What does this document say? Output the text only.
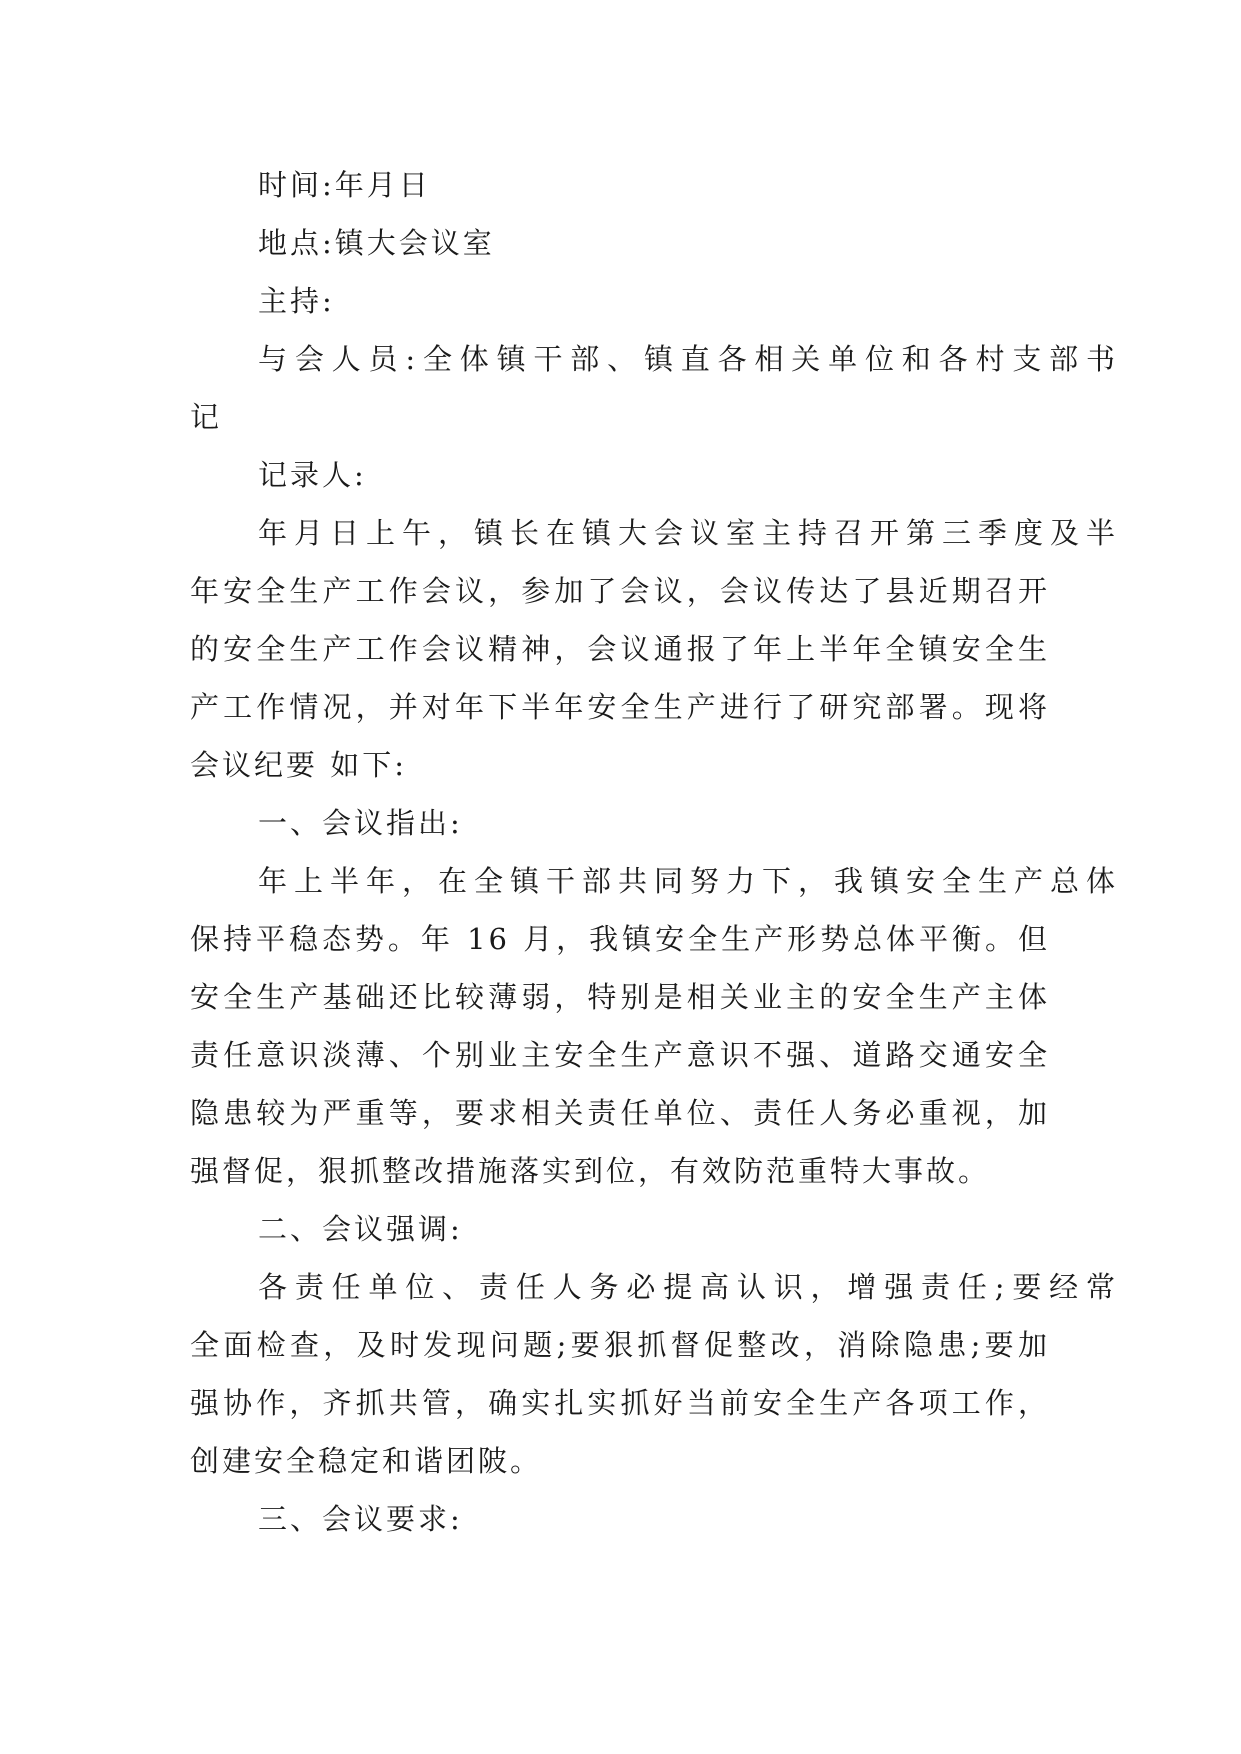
时间:年月日
地点:镇大会议室
主持:
与会人员:全体镇干部、镇直各相关单位和各村支部书
记
记录人:
年月日上午，镇长在镇大会议室主持召开第三季度及半
年安全生产工作会议，参加了会议，会议传达了县近期召开
的安全生产工作会议精神，会议通报了年上半年全镇安全生
产工作情况，并对年下半年安全生产进行了研究部署。现将
会议纪要 如下:
一、会议指出:
年上半年，在全镇干部共同努力下，我镇安全生产总体
保持平稳态势。年 16 月，我镇安全生产形势总体平衡。但
安全生产基础还比较薄弱，特别是相关业主的安全生产主体
责任意识淡薄、个别业主安全生产意识不强、道路交通安全
隐患较为严重等，要求相关责任单位、责任人务必重视，加
强督促，狠抓整改措施落实到位，有效防范重特大事故。
二、会议强调:
各责任单位、责任人务必提高认识，增强责任;要经常
全面检查，及时发现问题;要狠抓督促整改，消除隐患;要加
强协作，齐抓共管，确实扎实抓好当前安全生产各项工作，
创建安全稳定和谐团陂。
三、会议要求:
